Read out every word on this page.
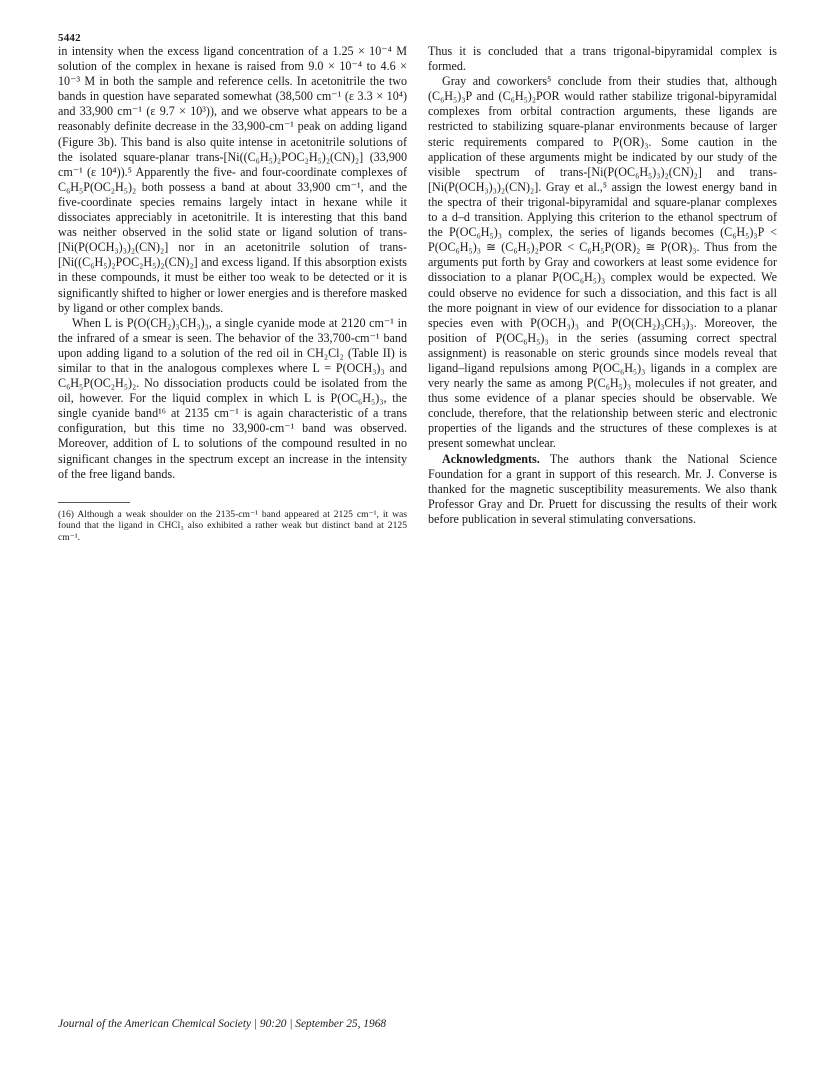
5442

in intensity when the excess ligand concentration of a 1.25 × 10⁻⁴ M solution of the complex in hexane is raised from 9.0 × 10⁻⁴ to 4.6 × 10⁻³ M in both the sample and reference cells. In acetonitrile the two bands in question have separated somewhat (38,500 cm⁻¹ (ε 3.3 × 10⁴) and 33,900 cm⁻¹ (ε 9.7 × 10³)), and we observe what appears to be a reasonably definite decrease in the 33,900-cm⁻¹ peak on adding ligand (Figure 3b). This band is also quite intense in acetonitrile solutions of the isolated square-planar trans-[Ni((C₆H₅)₂POC₂H₅)₂(CN)₂] (33,900 cm⁻¹ (ε 10⁴)).⁵ Apparently the five- and four-coordinate complexes of C₆H₅P(OC₂H₅)₂ both possess a band at about 33,900 cm⁻¹, and the five-coordinate species remains largely intact in hexane while it dissociates appreciably in acetonitrile. It is interesting that this band was neither observed in the solid state or ligand solution of trans-[Ni(P(OCH₃)₃)₂(CN)₂] nor in an acetonitrile solution of trans-[Ni((C₆H₅)₂POC₂H₅)₂(CN)₂] and excess ligand. If this absorption exists in these compounds, it must be either too weak to be detected or it is significantly shifted to higher or lower energies and is therefore masked by ligand or other complex bands.

When L is P(O(CH₂)₃CH₃)₃, a single cyanide mode at 2120 cm⁻¹ in the infrared of a smear is seen. The behavior of the 33,700-cm⁻¹ band upon adding ligand to a solution of the red oil in CH₂Cl₂ (Table II) is similar to that in the analogous complexes where L = P(OCH₃)₃ and C₆H₅P(OC₂H₅)₂. No dissociation products could be isolated from the oil, however. For the liquid complex in which L is P(OC₆H₅)₃, the single cyanide band¹⁶ at 2135 cm⁻¹ is again characteristic of a trans configuration, but this time no 33,900-cm⁻¹ band was observed. Moreover, addition of L to solutions of the compound resulted in no significant changes in the spectrum except an increase in the intensity of the free ligand bands.

(16) Although a weak shoulder on the 2135-cm⁻¹ band appeared at 2125 cm⁻¹, it was found that the ligand in CHCl₃ also exhibited a rather weak but distinct band at 2125 cm⁻¹.

Thus it is concluded that a trans trigonal-bipyramidal complex is formed.

Gray and coworkers⁵ conclude from their studies that, although (C₆H₅)₃P and (C₆H₅)₂POR would rather stabilize trigonal-bipyramidal complexes from orbital contraction arguments, these ligands are restricted to stabilizing square-planar environments because of larger steric requirements compared to P(OR)₃. Some caution in the application of these arguments might be indicated by our study of the visible spectrum of trans-[Ni(P(OC₆H₅)₃)₂(CN)₂] and trans-[Ni(P(OCH₃)₃)₂(CN)₂]. Gray et al.,⁵ assign the lowest energy band in the spectra of their trigonal-bipyramidal and square-planar complexes to a d–d transition. Applying this criterion to the ethanol spectrum of the P(OC₆H₅)₃ complex, the series of ligands becomes (C₆H₅)₃P < P(OC₆H₅)₃ ≅ (C₆H₅)₂POR < C₆H₅P(OR)₂ ≅ P(OR)₃. Thus from the arguments put forth by Gray and coworkers at least some evidence for dissociation to a planar P(OC₆H₅)₃ complex would be expected. We could observe no evidence for such a dissociation, and this fact is all the more poignant in view of our evidence for dissociation to a planar species even with P(OCH₃)₃ and P(O(CH₂)₃CH₃)₃. Moreover, the position of P(OC₆H₅)₃ in the series (assuming correct spectral assignment) is reasonable on steric grounds since models reveal that ligand–ligand repulsions among P(OC₆H₅)₃ ligands in a complex are very nearly the same as among P(C₆H₅)₃ molecules if not greater, and thus some evidence of a planar species should be observable. We conclude, therefore, that the relationship between steric and electronic properties of the ligands and the structures of these complexes is at present somewhat unclear.

Acknowledgments. The authors thank the National Science Foundation for a grant in support of this research. Mr. J. Converse is thanked for the magnetic susceptibility measurements. We also thank Professor Gray and Dr. Pruett for discussing the results of their work before publication in several stimulating conversations.

Journal of the American Chemical Society | 90:20 | September 25, 1968
